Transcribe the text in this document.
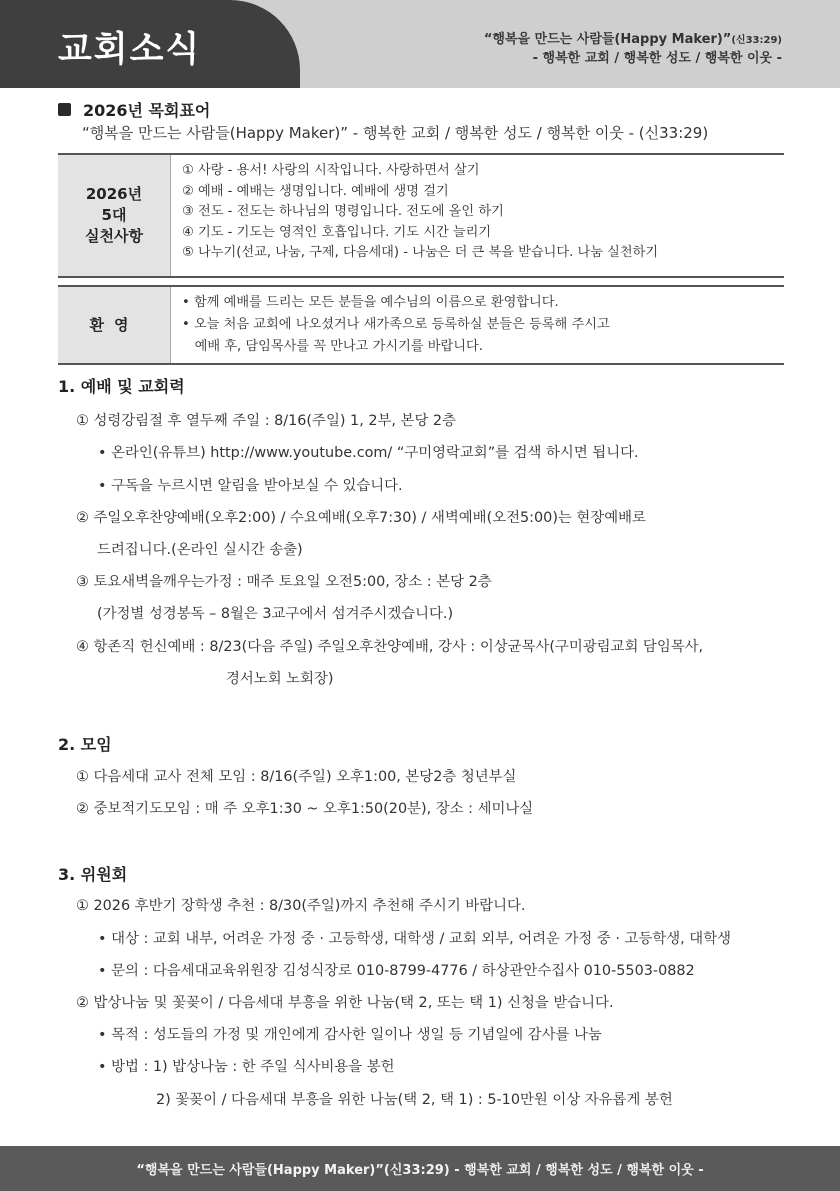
교회소식	“행복을 만드는 사람들(Happy Maker)”(신33:29)
- 행복한 교회 / 행복한 성도 / 행복한 이웃 -
2026년 목회표어
“행복을 만드는 사람들(Happy Maker)” - 행복한 교회 / 행복한 성도 / 행복한 이웃 - (신33:29)
2026년
5대
실천사항
① 사랑 - 용서! 사랑의 시작입니다. 사랑하면서 살기
② 예배 - 예배는 생명입니다. 예배에 생명 걸기
③ 전도 - 전도는 하나님의 명령입니다. 전도에 올인 하기
④ 기도 - 기도는 영적인 호흡입니다. 기도 시간 늘리기
⑤ 나누기(선교, 나눔, 구제, 다음세대) - 나눔은 더 큰 복을 받습니다. 나눔 실천하기
환영
• 함께 예배를 드리는 모든 분들을 예수님의 이름으로 환영합니다.
• 오늘 처음 교회에 나오셨거나 새가족으로 등록하실 분들은 등록해 주시고
예배 후, 담임목사를 꼭 만나고 가시기를 바랍니다.
1. 예배 및 교회력
① 성령강림절 후 열두째 주일 : 8/16(주일) 1, 2부, 본당 2층
• 온라인(유튜브) http://www.youtube.com/ “구미영락교회”를 검색 하시면 됩니다.
• 구독을 누르시면 알림을 받아보실 수 있습니다.
② 주일오후찬양예배(오후2:00) / 수요예배(오후7:30) / 새벽예배(오전5:00)는 현장예배로
드려집니다.(온라인 실시간 송출)
③ 토요새벽을깨우는가정 : 매주 토요일 오전5:00, 장소 : 본당 2층
(가정별 성경봉독 – 8월은 3교구에서 섬겨주시겠습니다.)
④ 항존직 헌신예배 : 8/23(다음 주일) 주일오후찬양예배, 강사 : 이상균목사(구미광림교회 담임목사,
경서노회 노회장)
2. 모임
① 다음세대 교사 전체 모임 : 8/16(주일) 오후1:00, 본당2층 청년부실
② 중보적기도모임 : 매 주 오후1:30 ~ 오후1:50(20분), 장소 : 세미나실
3. 위원회
① 2026 후반기 장학생 추천 : 8/30(주일)까지 추천해 주시기 바랍니다.
• 대상 : 교회 내부, 어려운 가정 중 · 고등학생, 대학생 / 교회 외부, 어려운 가정 중 · 고등학생, 대학생
• 문의 : 다음세대교육위원장 김성식장로 010-8799-4776 / 하상관안수집사 010-5503-0882
② 밥상나눔 및 꽃꽂이 / 다음세대 부흥을 위한 나눔(택 2, 또는 택 1) 신청을 받습니다.
• 목적 : 성도들의 가정 및 개인에게 감사한 일이나 생일 등 기념일에 감사를 나눔
• 방법 : 1) 밥상나눔 : 한 주일 식사비용을 봉헌
2) 꽃꽂이 / 다음세대 부흥을 위한 나눔(택 2, 택 1) : 5-10만원 이상 자유롭게 봉헌
“행복을 만드는 사람들(Happy Maker)”(신33:29) - 행복한 교회 / 행복한 성도 / 행복한 이웃 -
